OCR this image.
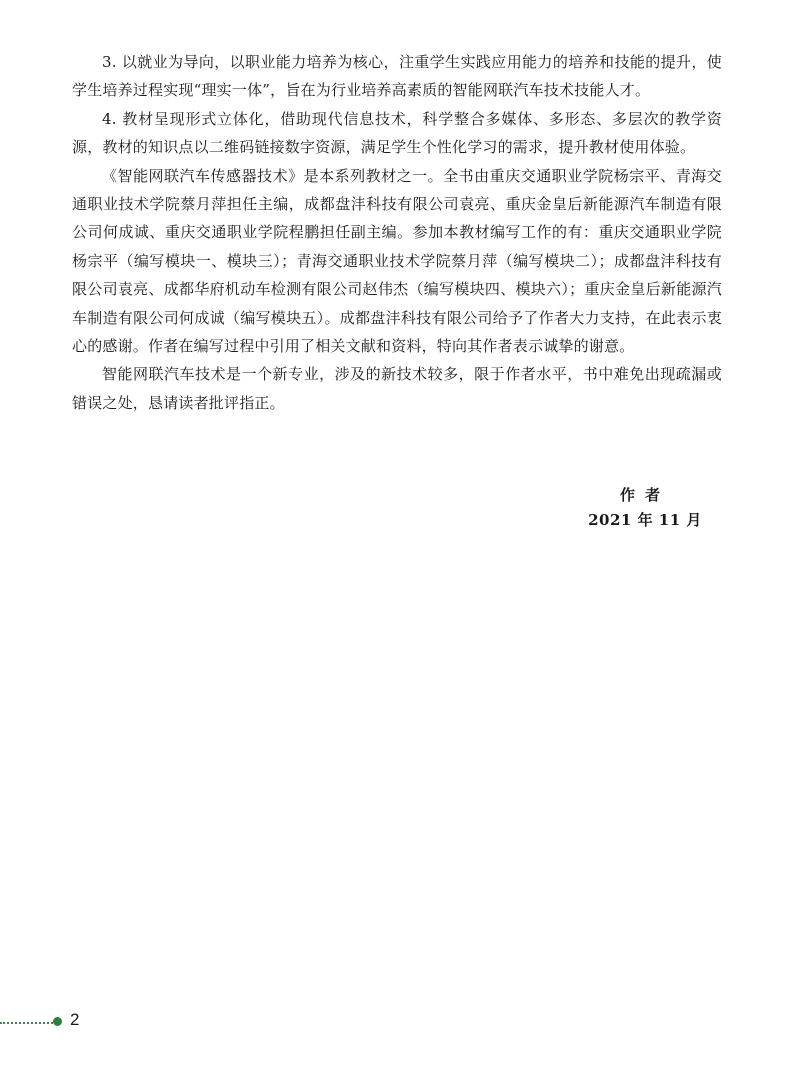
3. 以就业为导向，以职业能力培养为核心，注重学生实践应用能力的培养和技能的提升，使学生培养过程实现“理实一体”，旨在为行业培养高素质的智能网联汽车技术技能人才。

4. 教材呈现形式立体化，借助现代信息技术，科学整合多媒体、多形态、多层次的教学资源，教材的知识点以二维码链接数字资源，满足学生个性化学习的需求，提升教材使用体验。

《智能网联汽车传感器技术》是本系列教材之一。全书由重庆交通职业学院杨宗平、青海交通职业技术学院蔡月萍担任主编，成都盘沣科技有限公司袁亮、重庆金皇后新能源汽车制造有限公司何成诚、重庆交通职业学院程鹏担任副主编。参加本教材编写工作的有：重庆交通职业学院杨宗平（编写模块一、模块三）；青海交通职业技术学院蔡月萍（编写模块二）；成都盘沣科技有限公司袁亮、成都华府机动车检测有限公司赵伟杰（编写模块四、模块六）；重庆金皇后新能源汽车制造有限公司何成诚（编写模块五）。成都盘沣科技有限公司给予了作者大力支持，在此表示衷心的感谢。作者在编写过程中引用了相关文献和资料，特向其作者表示诚挚的谢意。

智能网联汽车技术是一个新专业，涉及的新技术较多，限于作者水平，书中难免出现疏漏或错误之处，恳请读者批评指正。

作者
2021 年 11 月
2
